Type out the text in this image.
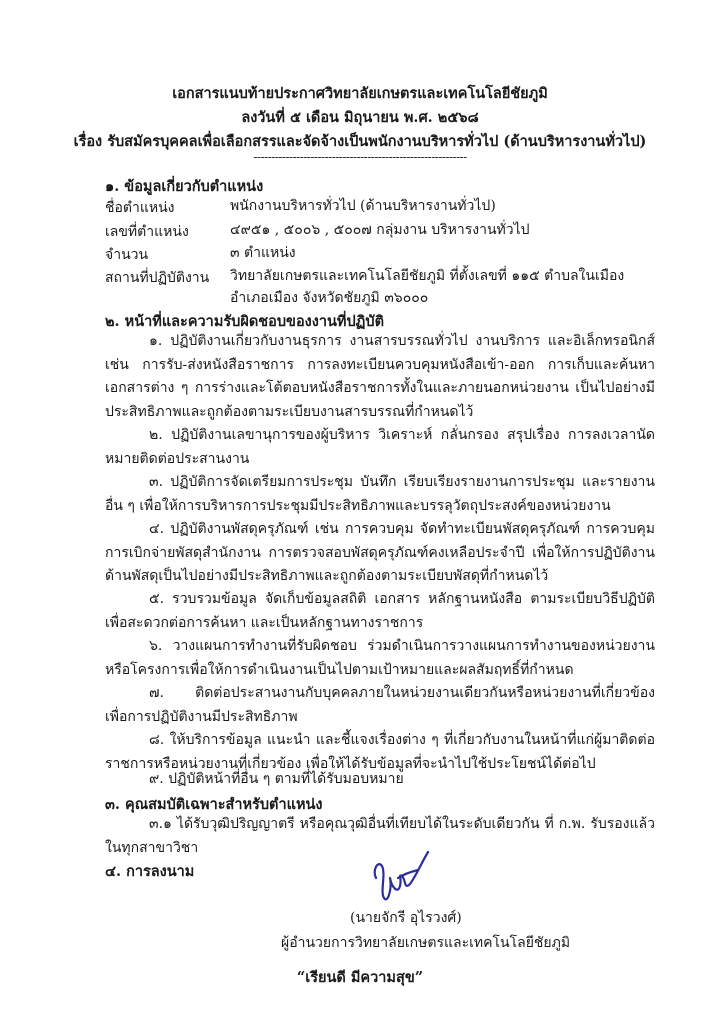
เอกสารแนบท้ายประกาศวิทยาลัยเกษตรและเทคโนโลยีชัยภูมิ
ลงวันที่ ๕ เดือน มิถุนายน พ.ศ. ๒๕๖๘
เรื่อง รับสมัครบุคคลเพื่อเลือกสรรและจัดจ้างเป็นพนักงานบริหารทั่วไป (ด้านบริหารงานทั่วไป)
------------------------------------------------------------
๑. ข้อมูลเกี่ยวกับตำแหน่ง
ชื่อตำแหน่ง	พนักงานบริหารทั่วไป (ด้านบริหารงานทั่วไป)
เลขที่ตำแหน่ง	๔๙๕๑ , ๕๐๐๖ , ๕๐๐๗ กลุ่มงาน บริหารงานทั่วไป
จำนวน	๓ ตำแหน่ง
สถานที่ปฏิบัติงาน วิทยาลัยเกษตรและเทคโนโลยีชัยภูมิ ที่ตั้งเลขที่ ๑๑๕ ตำบลในเมือง อำเภอเมือง จังหวัดชัยภูมิ ๓๖๐๐๐
๒. หน้าที่และความรับผิดชอบของงานที่ปฏิบัติ
๑. ปฏิบัติงานเกี่ยวกับงานธุรการ งานสารบรรณทั่วไป งานบริการ และอิเล็กทรอนิกส์ เช่น การรับ-ส่งหนังสือราชการ การลงทะเบียนควบคุมหนังสือเข้า-ออก การเก็บและค้นหาเอกสารต่าง ๆ การร่างและโต้ตอบหนังสือราชการทั้งในและภายนอกหน่วยงาน เป็นไปอย่างมีประสิทธิภาพและถูกต้องตามระเบียบงานสารบรรณที่กำหนดไว้
๒. ปฏิบัติงานเลขานุการของผู้บริหาร วิเคราะห์ กลั่นกรอง สรุปเรื่อง การลงเวลานัดหมายติดต่อประสานงาน
๓. ปฏิบัติการจัดเตรียมการประชุม บันทึก เรียบเรียงรายงานการประชุม และรายงานอื่น ๆ เพื่อให้การบริหารการประชุมมีประสิทธิภาพและบรรลุวัตถุประสงค์ของหน่วยงาน
๔. ปฏิบัติงานพัสดุครุภัณฑ์ เช่น การควบคุม จัดทำทะเบียนพัสดุครุภัณฑ์ การควบคุมการเบิกจ่ายพัสดุสำนักงาน การตรวจสอบพัสดุครุภัณฑ์คงเหลือประจำปี เพื่อให้การปฏิบัติงานด้านพัสดุเป็นไปอย่างมีประสิทธิภาพและถูกต้องตามระเบียบพัสดุที่กำหนดไว้
๕. รวบรวมข้อมูล จัดเก็บข้อมูลสถิติ เอกสาร หลักฐานหนังสือ ตามระเบียบวิธีปฏิบัติเพื่อสะดวกต่อการค้นหา และเป็นหลักฐานทางราชการ
๖. วางแผนการทำงานที่รับผิดชอบ ร่วมดำเนินการวางแผนการทำงานของหน่วยงาน หรือโครงการเพื่อให้การดำเนินงานเป็นไปตามเป้าหมายและผลสัมฤทธิ์ที่กำหนด
๗. ติดต่อประสานงานกับบุคคลภายในหน่วยงานเดียวกันหรือหน่วยงานที่เกี่ยวข้อง เพื่อการปฏิบัติงานมีประสิทธิภาพ
๘. ให้บริการข้อมูล แนะนำ และชี้แจงเรื่องต่าง ๆ ที่เกี่ยวกับงานในหน้าที่แก่ผู้มาติดต่อราชการหรือหน่วยงานที่เกี่ยวข้อง เพื่อให้ได้รับข้อมูลที่จะนำไปใช้ประโยชน์ได้ต่อไป
๙. ปฏิบัติหน้าที่อื่น ๆ ตามที่ได้รับมอบหมาย
๓. คุณสมบัติเฉพาะสำหรับตำแหน่ง
๓.๑ ได้รับวุฒิปริญญาตรี หรือคุณวุฒิอื่นที่เทียบได้ในระดับเดียวกัน ที่ ก.พ. รับรองแล้ว ในทุกสาขาวิชา
๔. การลงนาม
(นายจักรี อุไรวงศ์)
ผู้อำนวยการวิทยาลัยเกษตรและเทคโนโลยีชัยภูมิ
“เรียนดี มีความสุข”
